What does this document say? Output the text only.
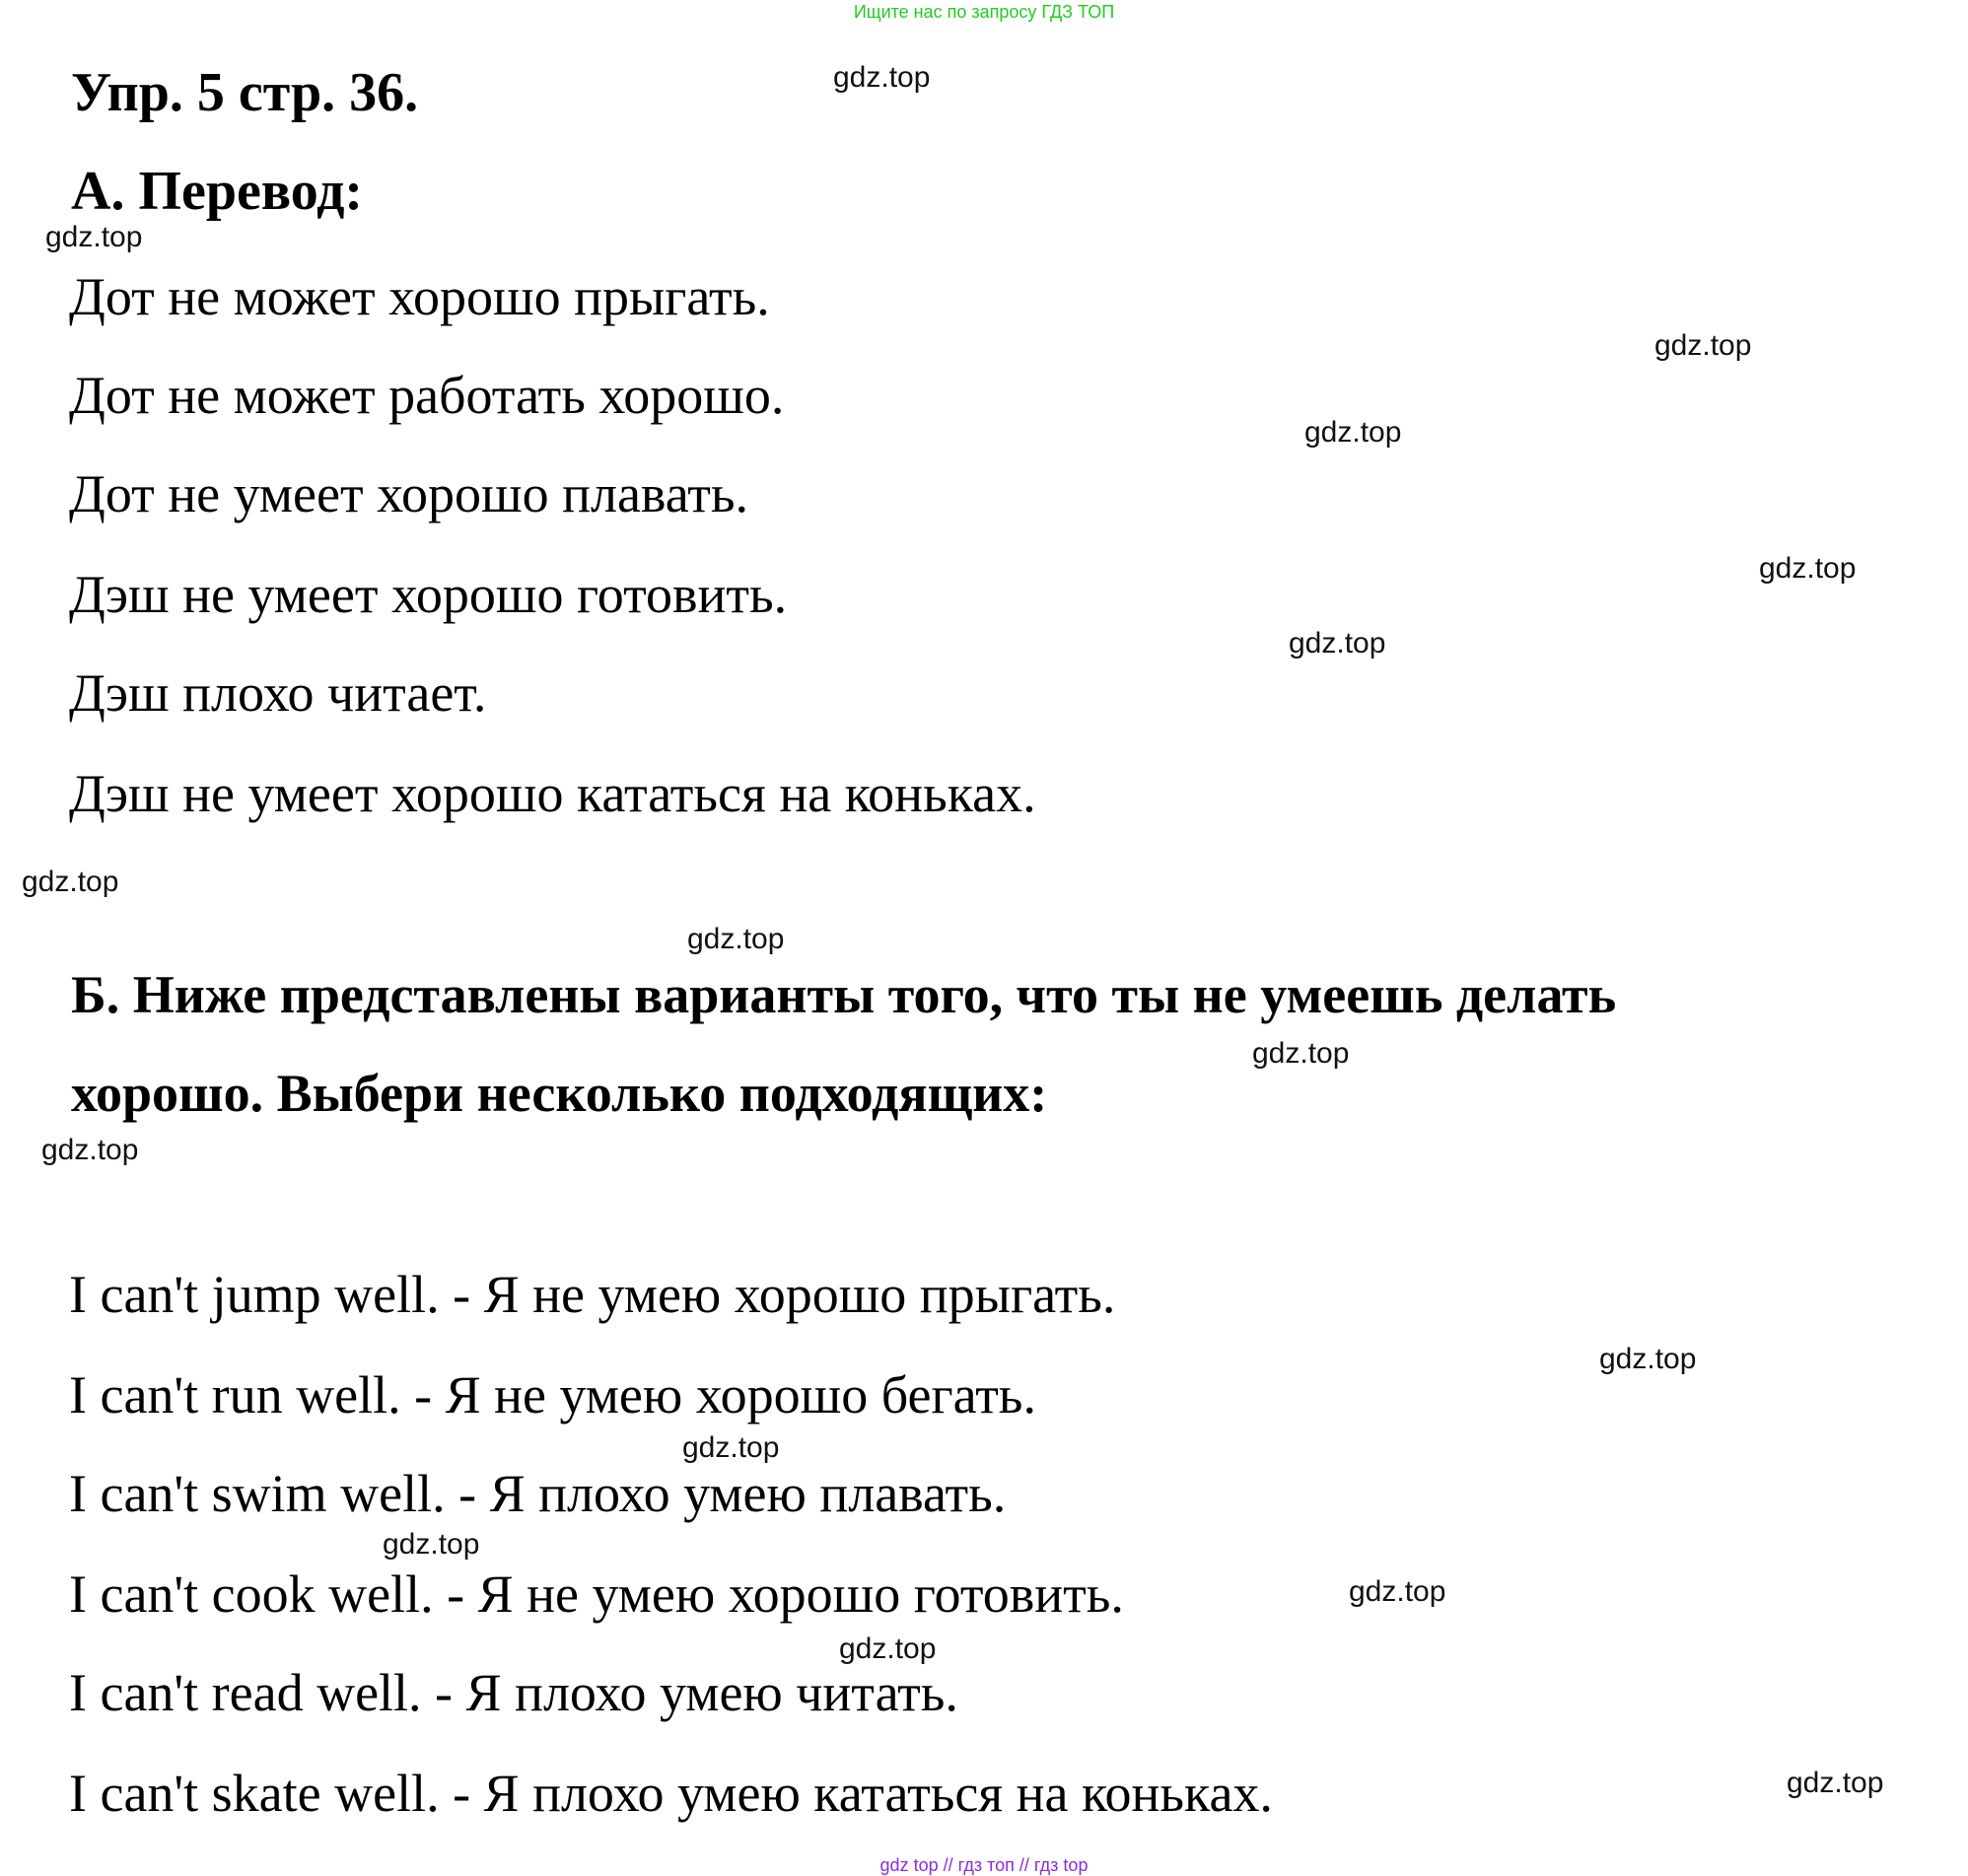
Ищите нас по запросу ГДЗ ТОП
Упр. 5 стр. 36.
А. Перевод:
Дот не может хорошо прыгать.
Дот не может работать хорошо.
Дот не умеет хорошо плавать.
Дэш не умеет хорошо готовить.
Дэш плохо читает.
Дэш не умеет хорошо кататься на коньках.
Б. Ниже представлены варианты того, что ты не умеешь делать
хорошо. Выбери несколько подходящих:
I can't jump well. - Я не умею хорошо прыгать.
I can't run well. - Я не умею хорошо бегать.
I can't swim well. - Я плохо умею плавать.
I can't cook well. - Я не умею хорошо готовить.
I can't read well. - Я плохо умею читать.
I can't skate well. - Я плохо умею кататься на коньках.
gdz.top
gdz.top
gdz.top
gdz.top
gdz.top
gdz.top
gdz.top
gdz.top
gdz.top
gdz.top
gdz.top
gdz.top
gdz.top
gdz.top
gdz.top
gdz.top
gdz top // гдз топ // гдз top
